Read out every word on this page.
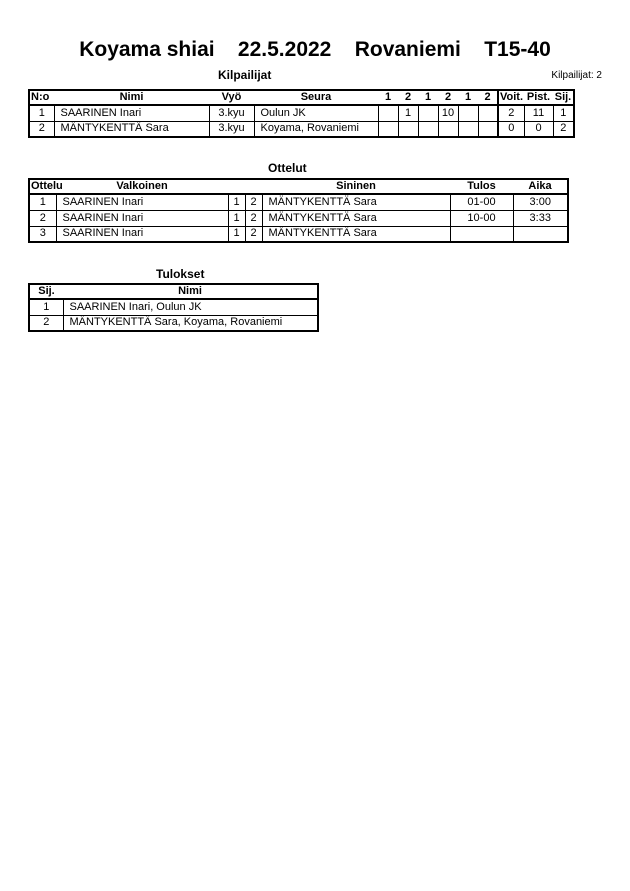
Koyama shiai    22.5.2022    Rovaniemi    T15-40
Kilpailijat	Kilpailijat: 2
N:o	Nimi	Vyö	Seura	1	2	1	2	1	2	Voit.	Pist.	Sij.
1	SAARINEN Inari	3.kyu	Oulun JK		1		10			2	11	1
2	MÄNTYKENTTÄ Sara	3.kyu	Koyama, Rovaniemi							0	0	2
Ottelut
Ottelu	Valkoinen			Sininen	Tulos	Aika
1	SAARINEN Inari	1	2	MÄNTYKENTTÄ Sara	01-00	3:00
2	SAARINEN Inari	1	2	MÄNTYKENTTÄ Sara	10-00	3:33
3	SAARINEN Inari	1	2	MÄNTYKENTTÄ Sara		
Tulokset
Sij.	Nimi
1	SAARINEN Inari, Oulun JK
2	MÄNTYKENTTÄ Sara, Koyama, Rovaniemi
